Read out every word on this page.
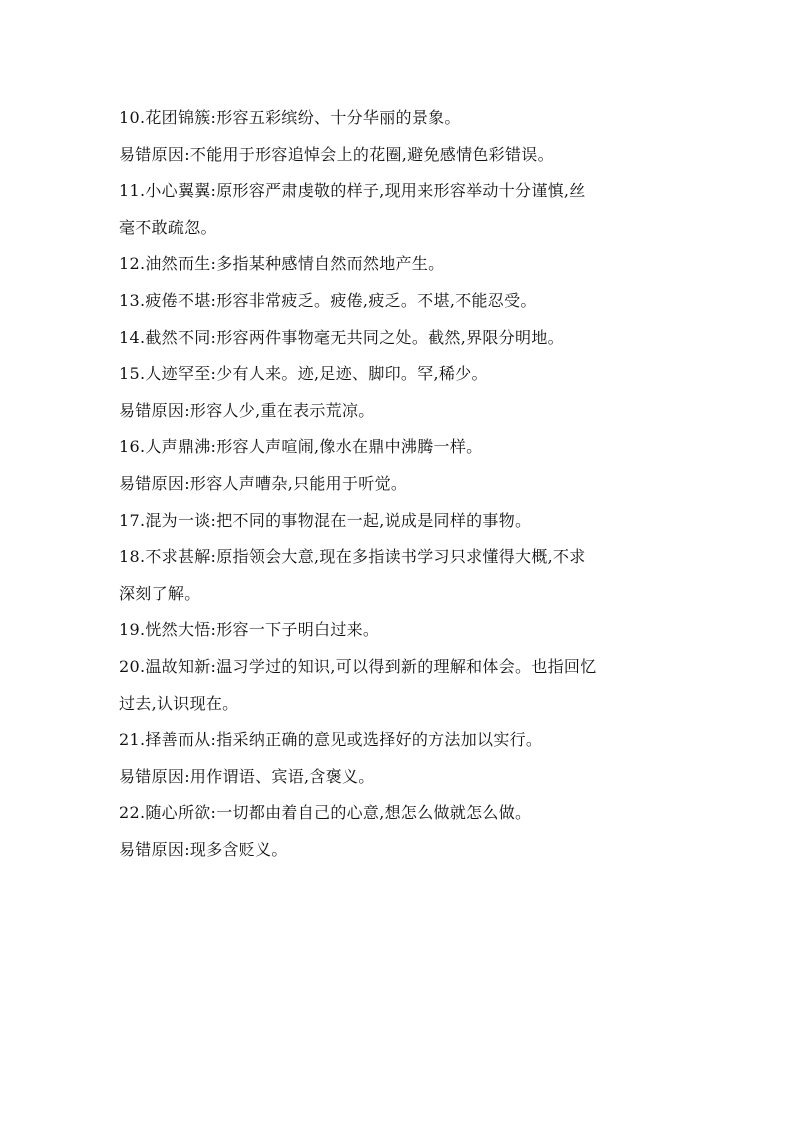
10.花团锦簇:形容五彩缤纷、十分华丽的景象。
易错原因:不能用于形容追悼会上的花圈,避免感情色彩错误。
11.小心翼翼:原形容严肃虔敬的样子,现用来形容举动十分谨慎,丝
毫不敢疏忽。
12.油然而生:多指某种感情自然而然地产生。
13.疲倦不堪:形容非常疲乏。疲倦,疲乏。不堪,不能忍受。
14.截然不同:形容两件事物毫无共同之处。截然,界限分明地。
15.人迹罕至:少有人来。迹,足迹、脚印。罕,稀少。
易错原因:形容人少,重在表示荒凉。
16.人声鼎沸:形容人声喧闹,像水在鼎中沸腾一样。
易错原因:形容人声嘈杂,只能用于听觉。
17.混为一谈:把不同的事物混在一起,说成是同样的事物。
18.不求甚解:原指领会大意,现在多指读书学习只求懂得大概,不求
深刻了解。
19.恍然大悟:形容一下子明白过来。
20.温故知新:温习学过的知识,可以得到新的理解和体会。也指回忆
过去,认识现在。
21.择善而从:指采纳正确的意见或选择好的方法加以实行。
易错原因:用作谓语、宾语,含褒义。
22.随心所欲:一切都由着自己的心意,想怎么做就怎么做。
易错原因:现多含贬义。
